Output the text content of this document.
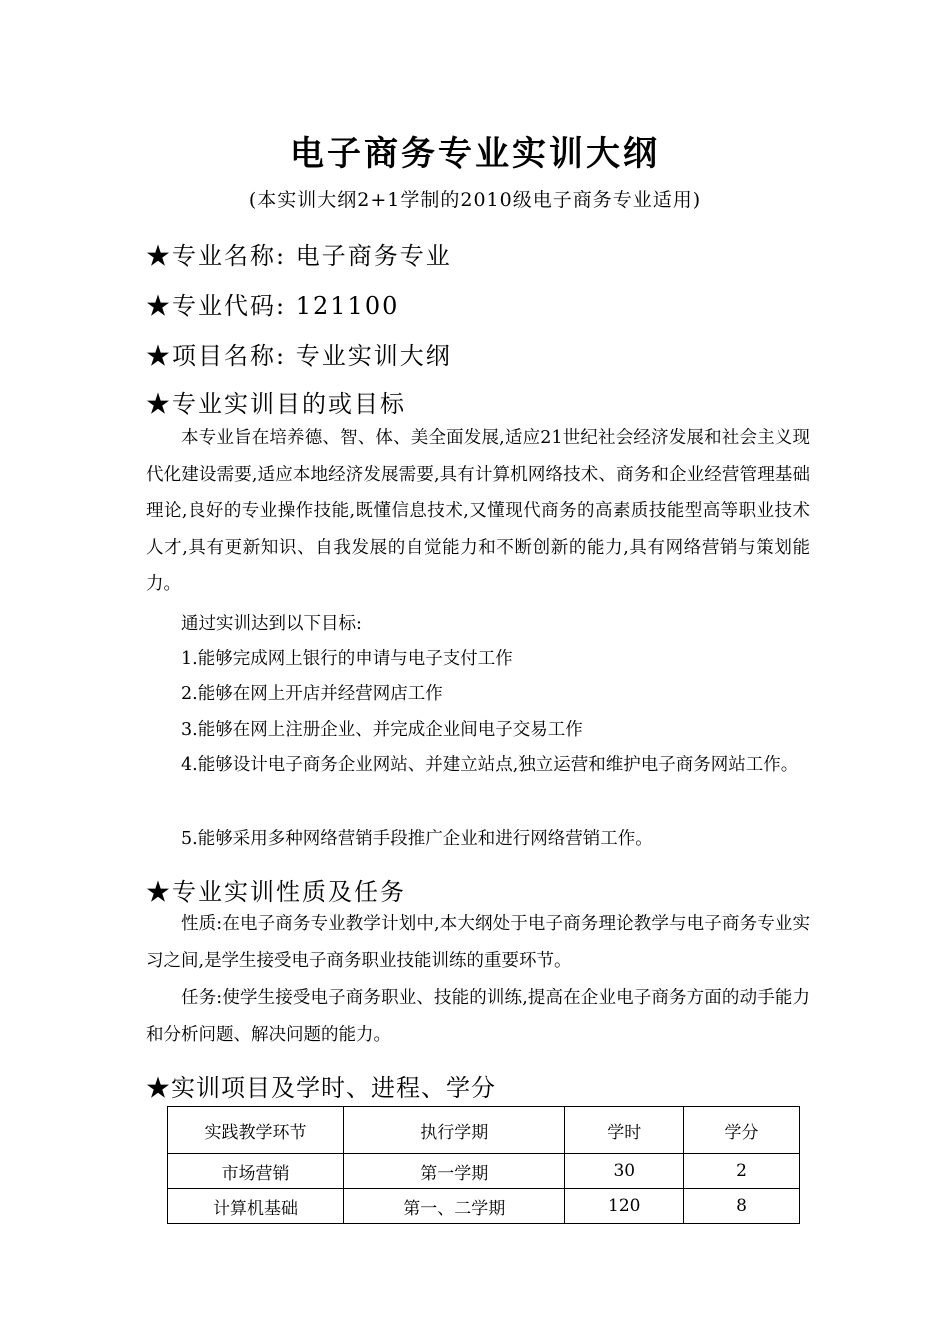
电子商务专业实训大纲
(本实训大纲2+1学制的2010级电子商务专业适用)
★专业名称: 电子商务专业
★专业代码: 121100
★项目名称: 专业实训大纲
★专业实训目的或目标
本专业旨在培养德、智、体、美全面发展,适应21世纪社会经济发展和社会主义现代化建设需要,适应本地经济发展需要,具有计算机网络技术、商务和企业经营管理基础理论,良好的专业操作技能,既懂信息技术,又懂现代商务的高素质技能型高等职业技术人才,具有更新知识、自我发展的自觉能力和不断创新的能力,具有网络营销与策划能力。
通过实训达到以下目标:
1.能够完成网上银行的申请与电子支付工作
2.能够在网上开店并经营网店工作
3.能够在网上注册企业、并完成企业间电子交易工作
4.能够设计电子商务企业网站、并建立站点,独立运营和维护电子商务网站工作。
5.能够采用多种网络营销手段推广企业和进行网络营销工作。
★专业实训性质及任务
性质:在电子商务专业教学计划中,本大纲处于电子商务理论教学与电子商务专业实习之间,是学生接受电子商务职业技能训练的重要环节。
任务:使学生接受电子商务职业、技能的训练,提高在企业电子商务方面的动手能力和分析问题、解决问题的能力。
★实训项目及学时、进程、学分
实践教学环节	执行学期	学时	学分
市场营销	第一学期	30	2
计算机基础	第一、二学期	120	8
